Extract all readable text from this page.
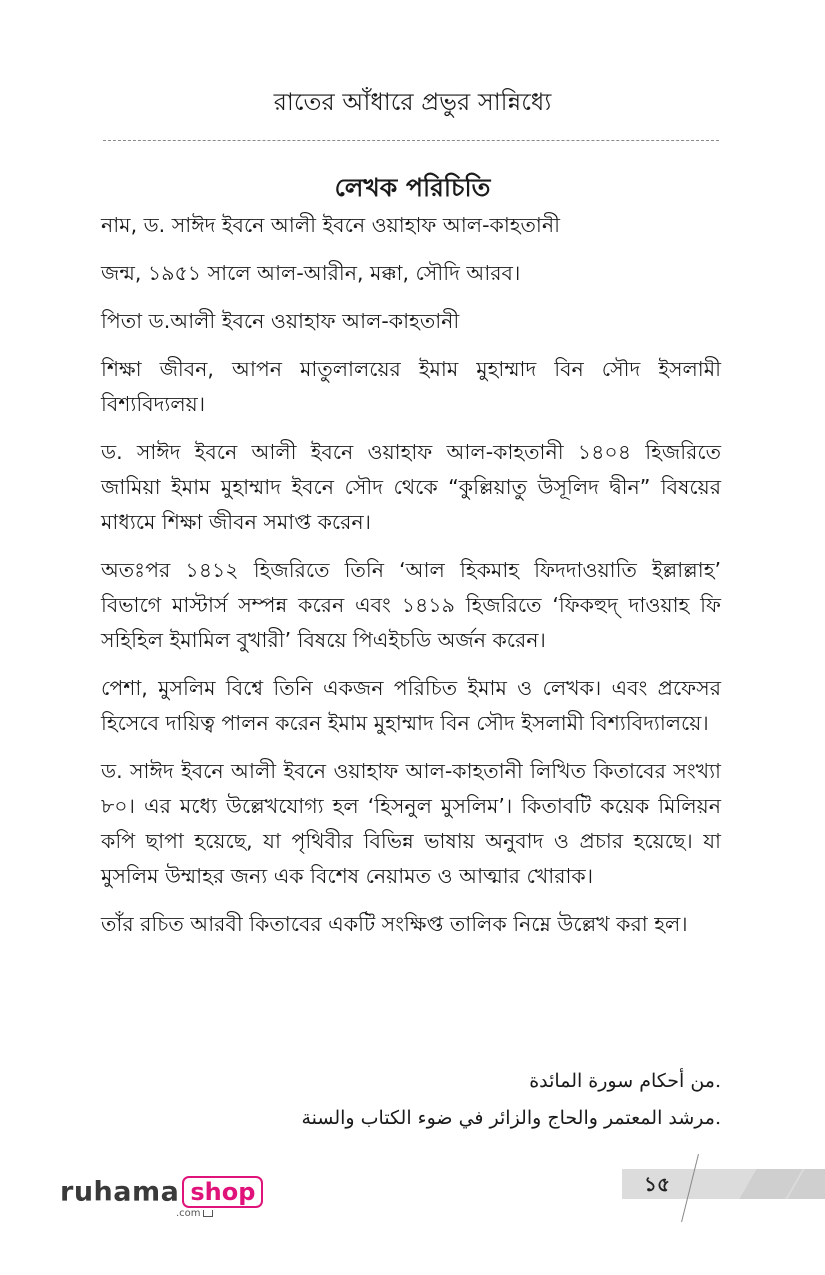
রাতের আঁধারে প্রভুর সান্নিধ্যে
লেখক পরিচিতি

নাম, ড. সাঈদ ইবনে আলী ইবনে ওয়াহাফ আল-কাহতানী

জন্ম, ১৯৫১ সালে আল-আরীন, মক্কা, সৌদি আরব।

পিতা ড.আলী ইবনে ওয়াহাফ আল-কাহতানী

শিক্ষা জীবন, আপন মাতুলালয়ের ইমাম মুহাম্মাদ বিন সৌদ ইসলামী বিশ্যবিদ্যলয়।

ড. সাঈদ ইবনে আলী ইবনে ওয়াহাফ আল-কাহতানী ১৪০৪ হিজরিতে জামিয়া ইমাম মুহাম্মাদ ইবনে সৌদ থেকে “কুল্লিয়াতু উসূলিদ দ্বীন” বিষয়ের মাধ্যমে শিক্ষা জীবন সমাপ্ত করেন।

অতঃপর ১৪১২ হিজরিতে তিনি ‘আল হিকমাহ ফিদদাওয়াতি ইল্লাল্লাহ’ বিভাগে মাস্টার্স সম্পন্ন করেন এবং ১৪১৯ হিজরিতে ‘ফিকহুদ্ দাওয়াহ ফি সহিহিল ইমামিল বুখারী’ বিষয়ে পিএইচডি অর্জন করেন।

পেশা, মুসলিম বিশ্বে তিনি একজন পরিচিত ইমাম ও লেখক। এবং প্রফেসর হিসেবে দায়িত্ব পালন করেন ইমাম মুহাম্মাদ বিন সৌদ ইসলামী বিশ্যবিদ্যালয়ে।

ড. সাঈদ ইবনে আলী ইবনে ওয়াহাফ আল-কাহতানী লিখিত কিতাবের সংখ্যা ৮০। এর মধ্যে উল্লেখযোগ্য হল ‘হিসনুল মুসলিম’। কিতাবটি কয়েক মিলিয়ন কপি ছাপা হয়েছে, যা পৃথিবীর বিভিন্ন ভাষায় অনুবাদ ও প্রচার হয়েছে। যা মুসলিম উম্মাহর জন্য এক বিশেষ নেয়ামত ও আত্মার খোরাক।

তাঁর রচিত আরবী কিতাবের একটি সংক্ষিপ্ত তালিক নিম্নে উল্লেখ করা হল।

.من أحكام سورة المائدة
.مرشد المعتمر والحاج والزائر في ضوء الكتاب والسنة
১৫
ruhama shop
.com
